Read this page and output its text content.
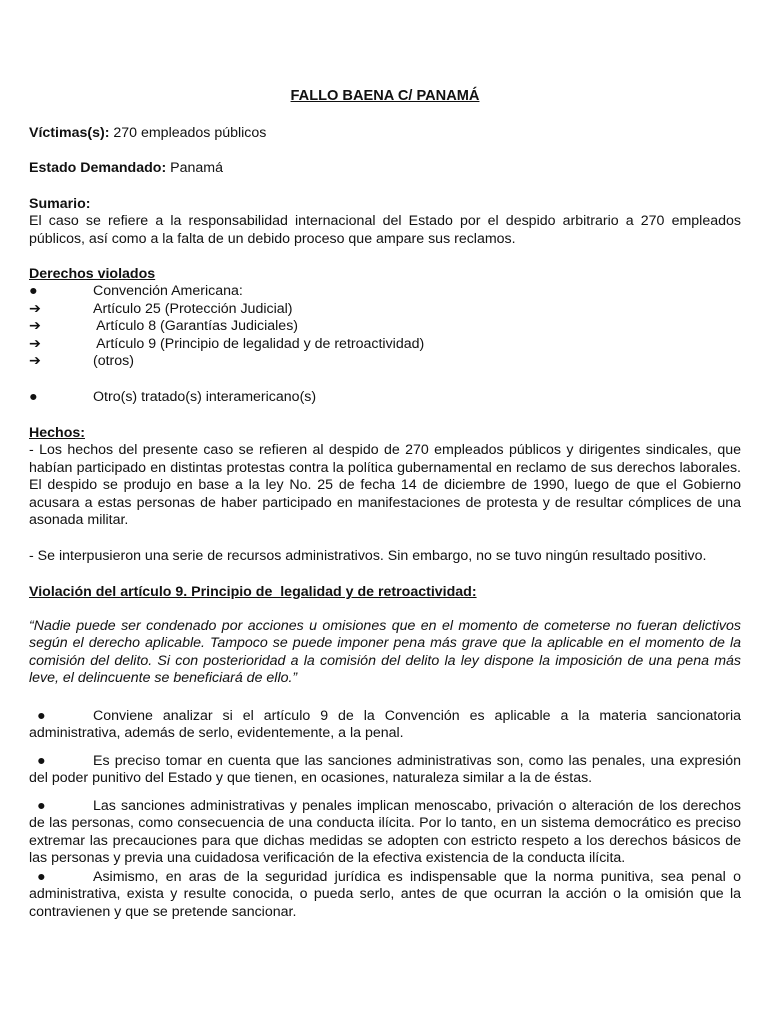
FALLO BAENA C/ PANAMÁ
Víctimas(s): 270 empleados públicos
Estado Demandado: Panamá
Sumario:
El caso se refiere a la responsabilidad internacional del Estado por el despido arbitrario a 270 empleados públicos, así como a la falta de un debido proceso que ampare sus reclamos.
Derechos violados
●	Convención Americana:
➔	Artículo 25 (Protección Judicial)
➔	Artículo 8 (Garantías Judiciales)
➔	Artículo 9 (Principio de legalidad y de retroactividad)
➔	(otros)
●	Otro(s) tratado(s) interamericano(s)
Hechos:
- Los hechos del presente caso se refieren al despido de 270 empleados públicos y dirigentes sindicales, que habían participado en distintas protestas contra la política gubernamental en reclamo de sus derechos laborales. El despido se produjo en base a la ley No. 25 de fecha 14 de diciembre de 1990, luego de que el Gobierno acusara a estas personas de haber participado en manifestaciones de protesta y de resultar cómplices de una asonada militar.
- Se interpusieron una serie de recursos administrativos. Sin embargo, no se tuvo ningún resultado positivo.
Violación del artículo 9. Principio de  legalidad y de retroactividad:
“Nadie puede ser condenado por acciones u omisiones que en el momento de cometerse no fueran delictivos según el derecho aplicable. Tampoco se puede imponer pena más grave que la aplicable en el momento de la comisión del delito. Si con posterioridad a la comisión del delito la ley dispone la imposición de una pena más leve, el delincuente se beneficiará de ello.”
●	Conviene analizar si el artículo 9 de la Convención es aplicable a la materia sancionatoria administrativa, además de serlo, evidentemente, a la penal.
●	Es preciso tomar en cuenta que las sanciones administrativas son, como las penales, una expresión del poder punitivo del Estado y que tienen, en ocasiones, naturaleza similar a la de éstas.
●	Las sanciones administrativas y penales implican menoscabo, privación o alteración de los derechos de las personas, como consecuencia de una conducta ilícita. Por lo tanto, en un sistema democrático es preciso extremar las precauciones para que dichas medidas se adopten con estricto respeto a los derechos básicos de las personas y previa una cuidadosa verificación de la efectiva existencia de la conducta ilícita.
●	Asimismo, en aras de la seguridad jurídica es indispensable que la norma punitiva, sea penal o administrativa, exista y resulte conocida, o pueda serlo, antes de que ocurran la acción o la omisión que la contravienen y que se pretende sancionar.
